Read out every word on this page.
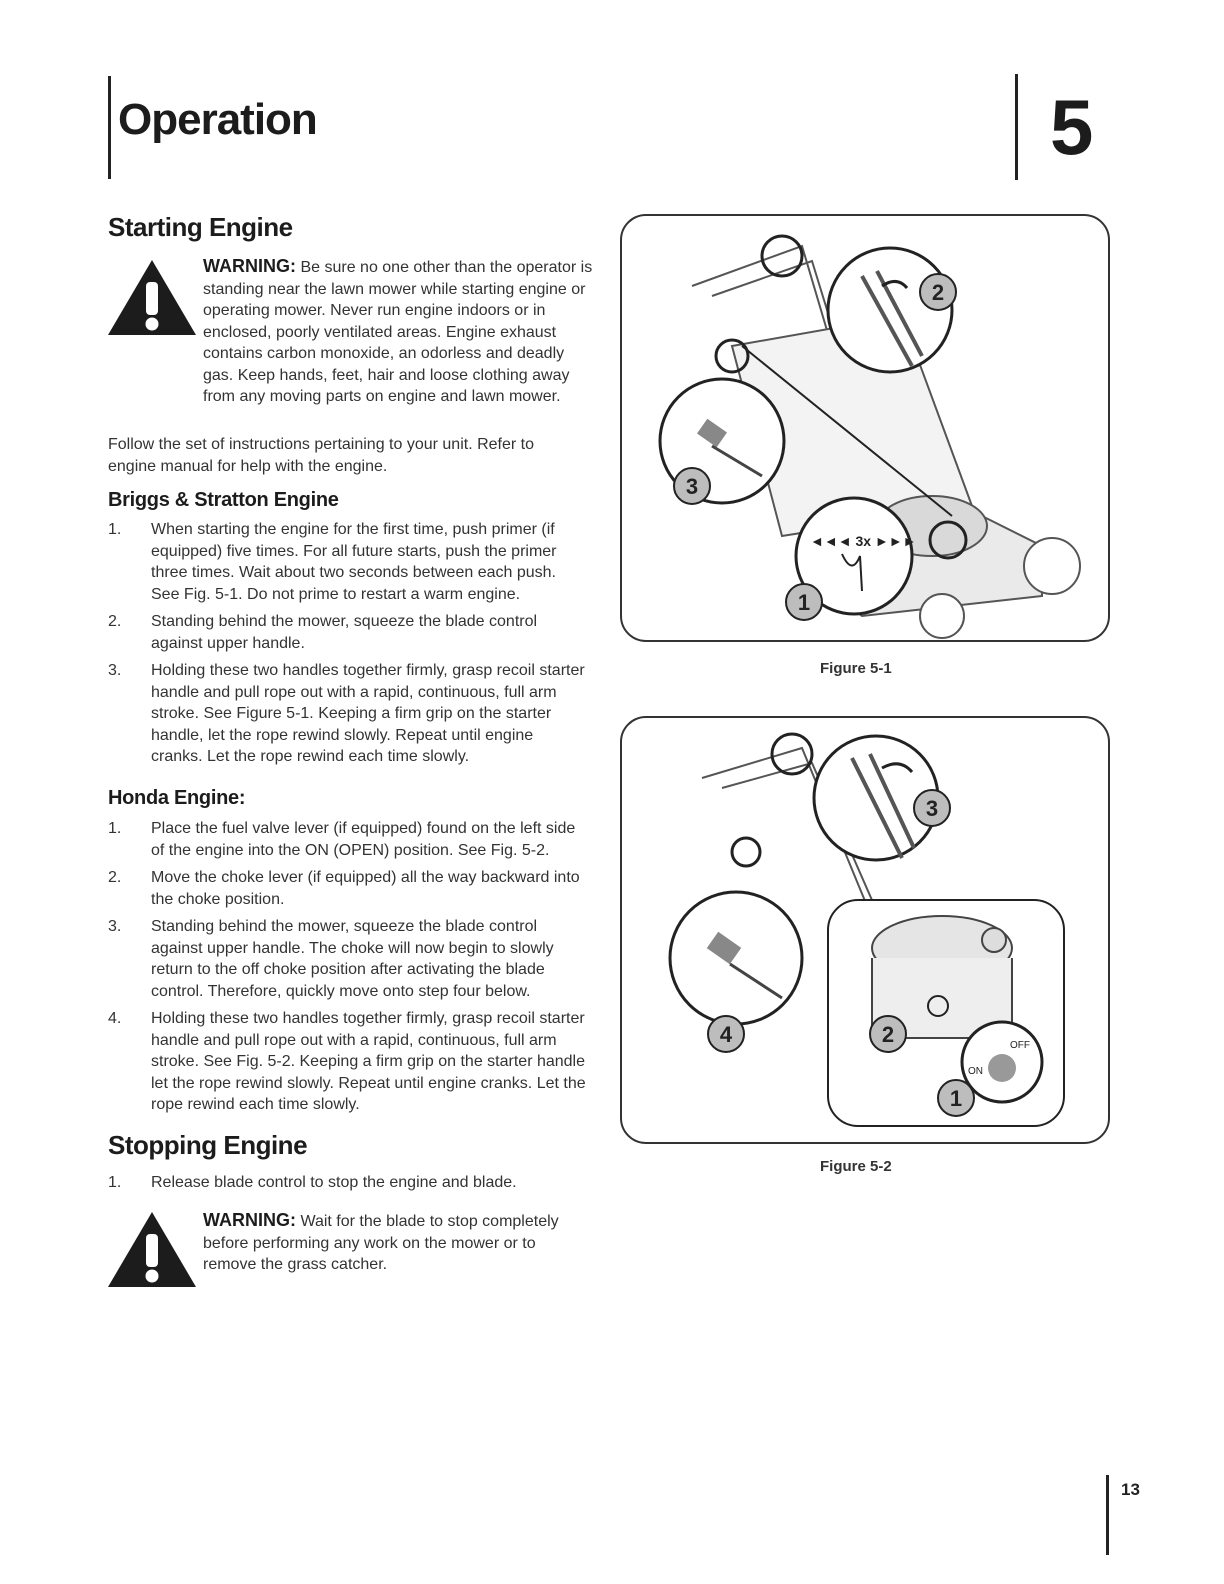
Operation	5
Starting Engine
WARNING: Be sure no one other than the operator is standing near the lawn mower while starting engine or operating mower. Never run engine indoors or in enclosed, poorly ventilated areas. Engine exhaust contains carbon monoxide, an odorless and deadly gas. Keep hands, feet, hair and loose clothing away from any moving parts on engine and lawn mower.
Follow the set of instructions pertaining to your unit. Refer to engine manual for help with the engine.
Briggs & Stratton Engine
1. When starting the engine for the first time, push primer (if equipped) five times. For all future starts, push the primer three times. Wait about two seconds between each push. See Fig. 5-1. Do not prime to restart a warm engine.
2. Standing behind the mower, squeeze the blade control against upper handle.
3. Holding these two handles together firmly, grasp recoil starter handle and pull rope out with a rapid, continuous, full arm stroke. See Figure 5-1. Keeping a firm grip on the starter handle, let the rope rewind slowly. Repeat until engine cranks. Let the rope rewind each time slowly.
Honda Engine:
1. Place the fuel valve lever (if equipped) found on the left side of the engine into the ON (OPEN) position. See Fig. 5-2.
2. Move the choke lever (if equipped) all the way backward into the choke position.
3. Standing behind the mower, squeeze the blade control against upper handle. The choke will now begin to slowly return to the off choke position after activating the blade control. Therefore, quickly move onto step four below.
4. Holding these two handles together firmly, grasp recoil starter handle and pull rope out with a rapid, continuous, full arm stroke. See Fig. 5-2. Keeping a firm grip on the starter handle let the rope rewind slowly. Repeat until engine cranks. Let the rope rewind each time slowly.
Stopping Engine
1. Release blade control to stop the engine and blade.
WARNING: Wait for the blade to stop completely before performing any work on the mower or to remove the grass catcher.
◄◄◄ 3x ►►►
2
3
1
Figure 5-1
3
4	OFF
ON
2
1
Figure 5-2
13
